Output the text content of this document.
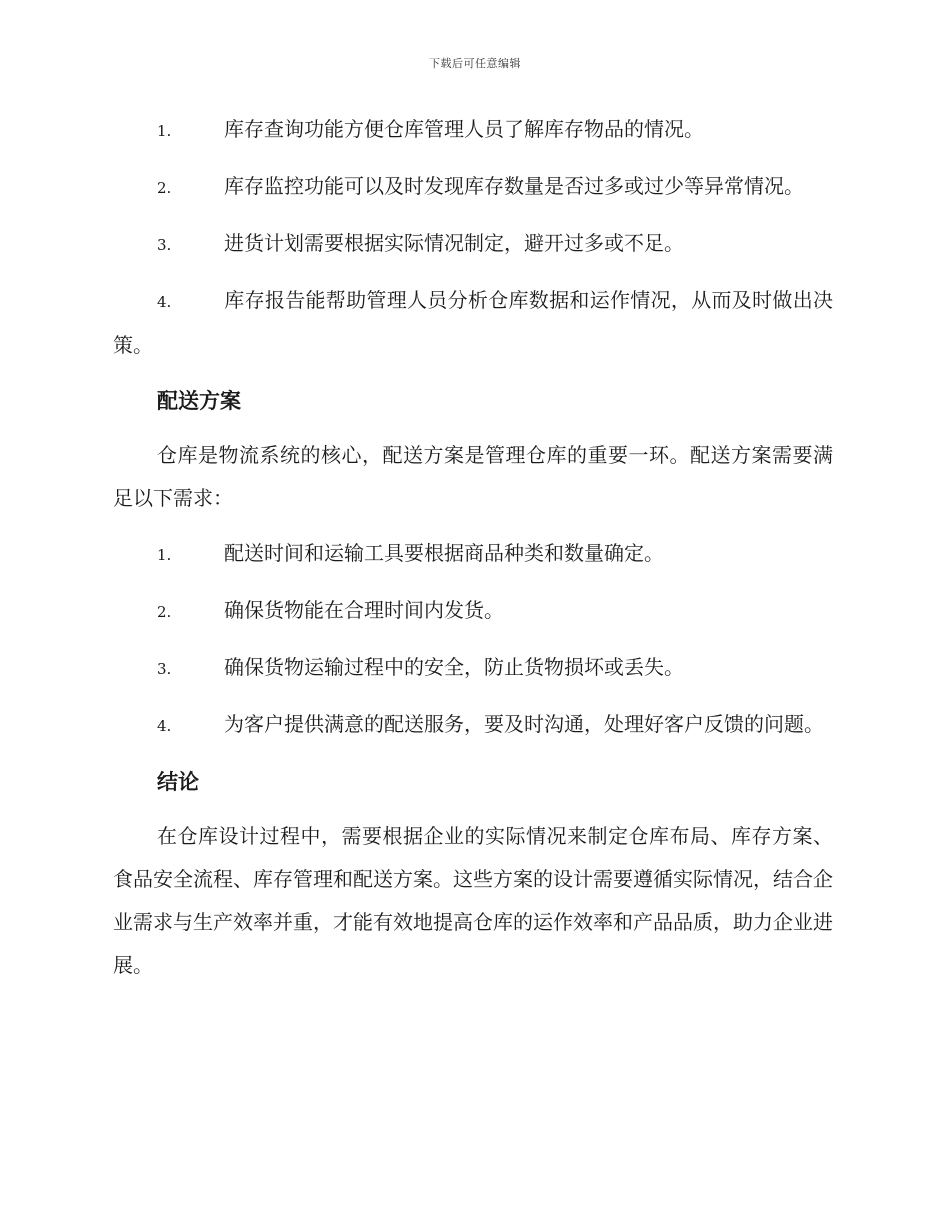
下载后可任意编辑
1.	库存查询功能方便仓库管理人员了解库存物品的情况。
2.	库存监控功能可以及时发现库存数量是否过多或过少等异常情况。
3.	进货计划需要根据实际情况制定，避开过多或不足。
4.	库存报告能帮助管理人员分析仓库数据和运作情况，从而及时做出决策。
配送方案
仓库是物流系统的核心，配送方案是管理仓库的重要一环。配送方案需要满足以下需求：
1.	配送时间和运输工具要根据商品种类和数量确定。
2.	确保货物能在合理时间内发货。
3.	确保货物运输过程中的安全，防止货物损坏或丢失。
4.	为客户提供满意的配送服务，要及时沟通，处理好客户反馈的问题。
结论
在仓库设计过程中，需要根据企业的实际情况来制定仓库布局、库存方案、食品安全流程、库存管理和配送方案。这些方案的设计需要遵循实际情况，结合企业需求与生产效率并重，才能有效地提高仓库的运作效率和产品品质，助力企业进展。
